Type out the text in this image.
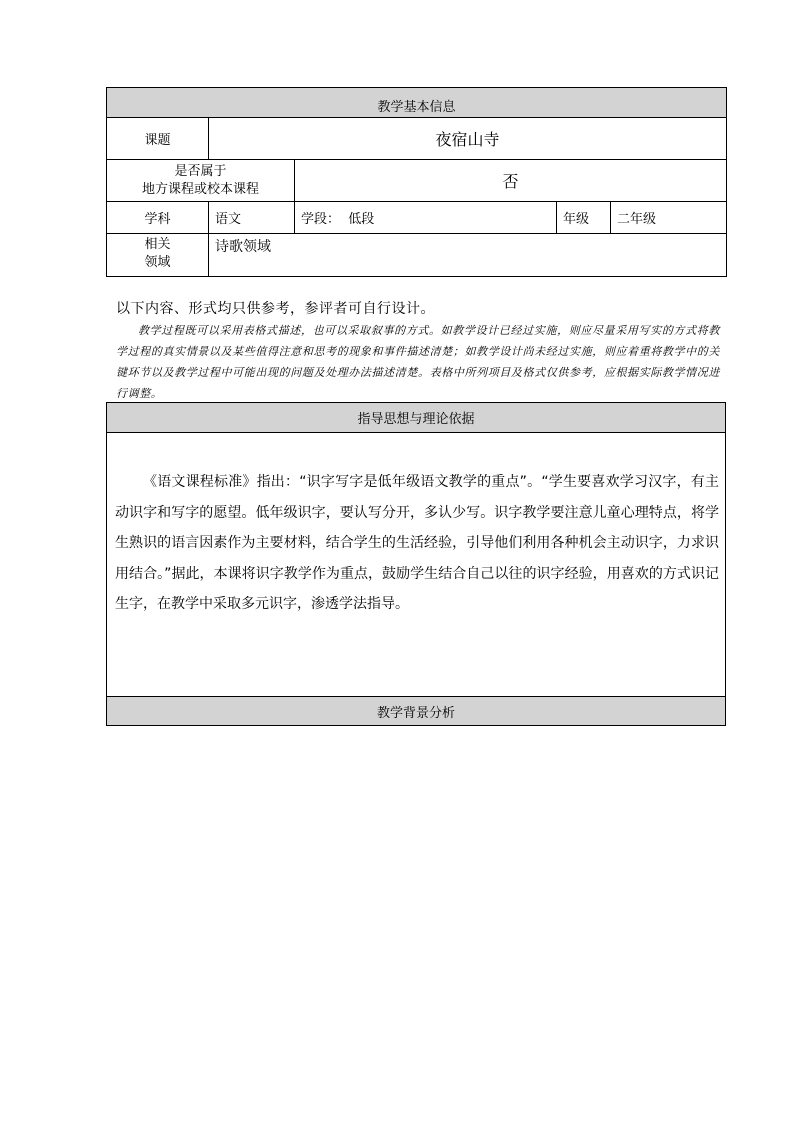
教学基本信息				
课题	夜宿山寺			

是否属于
地方课程或校本课程		否		
学科	语文	学段：  低段	年级	二年级

相关
领域	诗歌领域			
以下内容、形式均只供参考，参评者可自行设计。
教学过程既可以采用表格式描述，也可以采取叙事的方式。如教学设计已经过实施，则应尽量采用写实的方式将教学过程的真实情景以及某些值得注意和思考的现象和事件描述清楚；如教学设计尚未经过实施，则应着重将教学中的关键环节以及教学过程中可能出现的问题及处理办法描述清楚。表格中所列项目及格式仅供参考，应根据实际教学情况进行调整。
指导思想与理论依据
《语文课程标准》指出：“识字写字是低年级语文教学的重点”。“学生要喜欢学习汉字，有主动识字和写字的愿望。低年级识字，要认写分开，多认少写。识字教学要注意儿童心理特点，将学生熟识的语言因素作为主要材料，结合学生的生活经验，引导他们利用各种机会主动识字，力求识用结合。”据此，本课将识字教学作为重点，鼓励学生结合自己以往的识字经验，用喜欢的方式识记生字，在教学中采取多元识字，渗透学法指导。
教学背景分析
